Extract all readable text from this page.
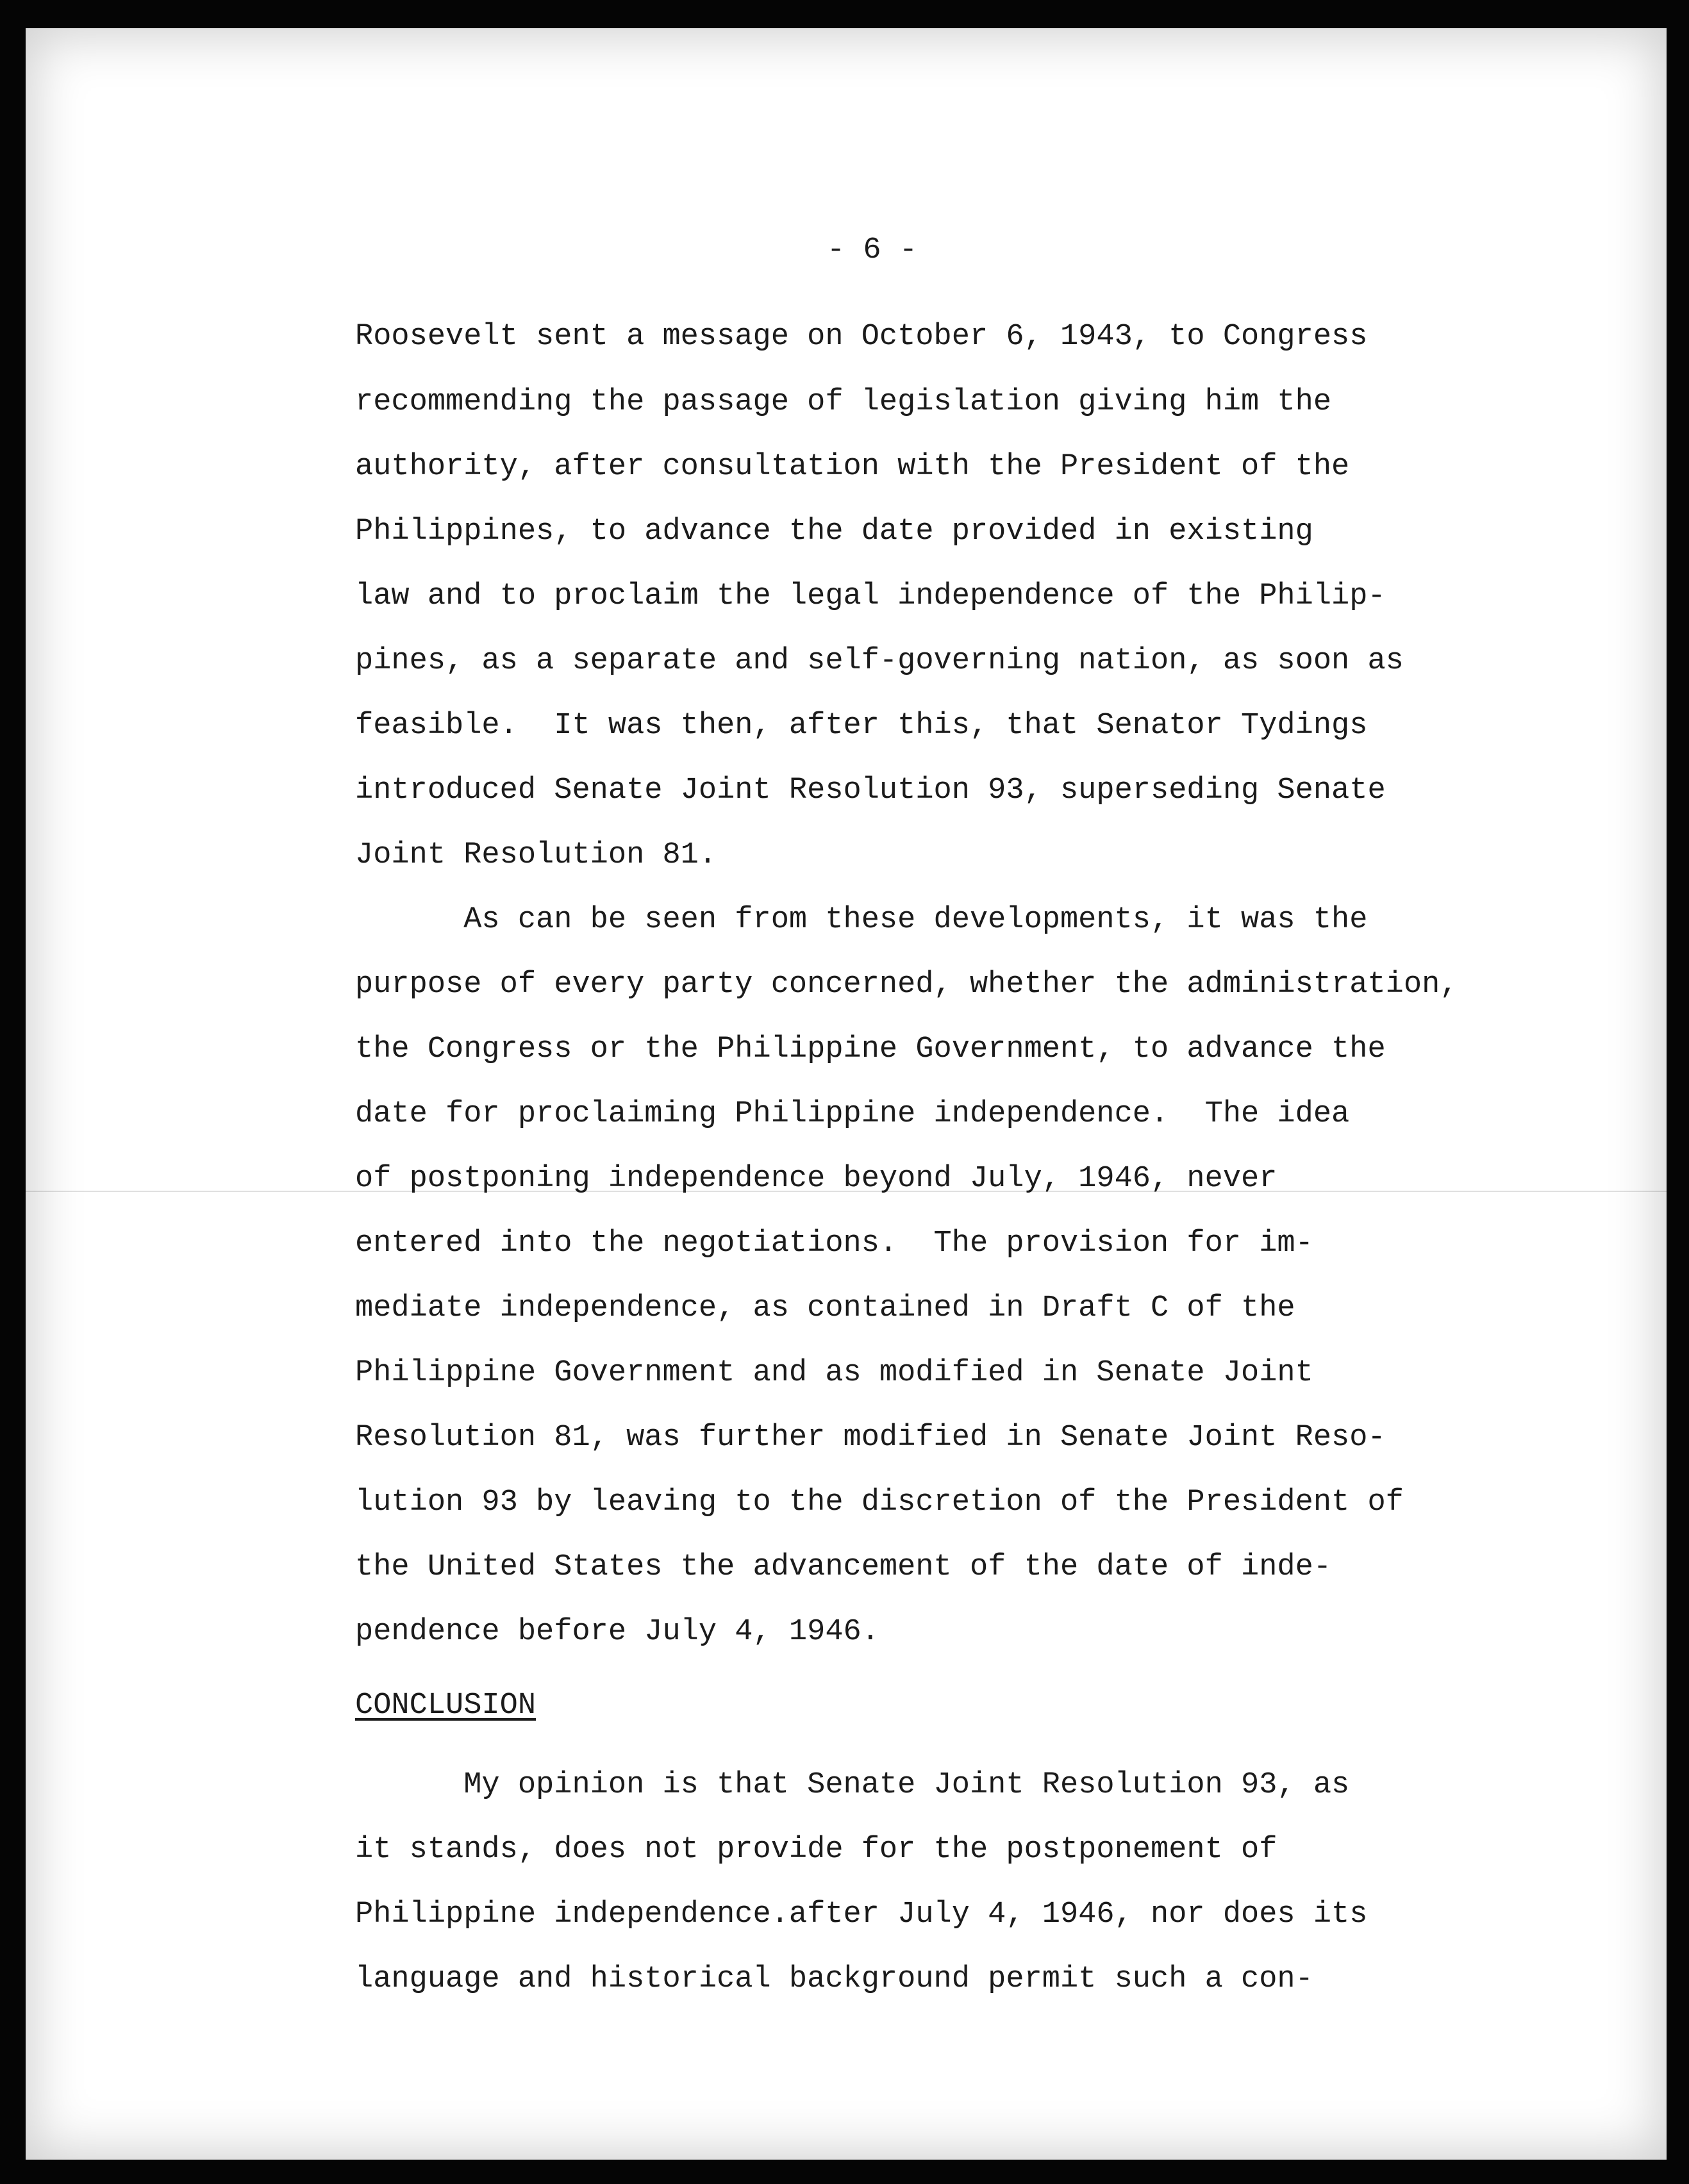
- 6 -

Roosevelt sent a message on October 6, 1943, to Congress

recommending the passage of legislation giving him the

authority, after consultation with the President of the

Philippines, to advance the date provided in existing

law and to proclaim the legal independence of the Philip-

pines, as a separate and self-governing nation, as soon as

feasible.  It was then, after this, that Senator Tydings

introduced Senate Joint Resolution 93, superseding Senate

Joint Resolution 81.

As can be seen from these developments, it was the

purpose of every party concerned, whether the administration,

the Congress or the Philippine Government, to advance the

date for proclaiming Philippine independence.  The idea

of postponing independence beyond July, 1946, never

entered into the negotiations.  The provision for im-

mediate independence, as contained in Draft C of the

Philippine Government and as modified in Senate Joint

Resolution 81, was further modified in Senate Joint Reso-

lution 93 by leaving to the discretion of the President of

the United States the advancement of the date of inde-

pendence before July 4, 1946.

CONCLUSION

My opinion is that Senate Joint Resolution 93, as

it stands, does not provide for the postponement of

Philippine independence.after July 4, 1946, nor does its

language and historical background permit such a con-
